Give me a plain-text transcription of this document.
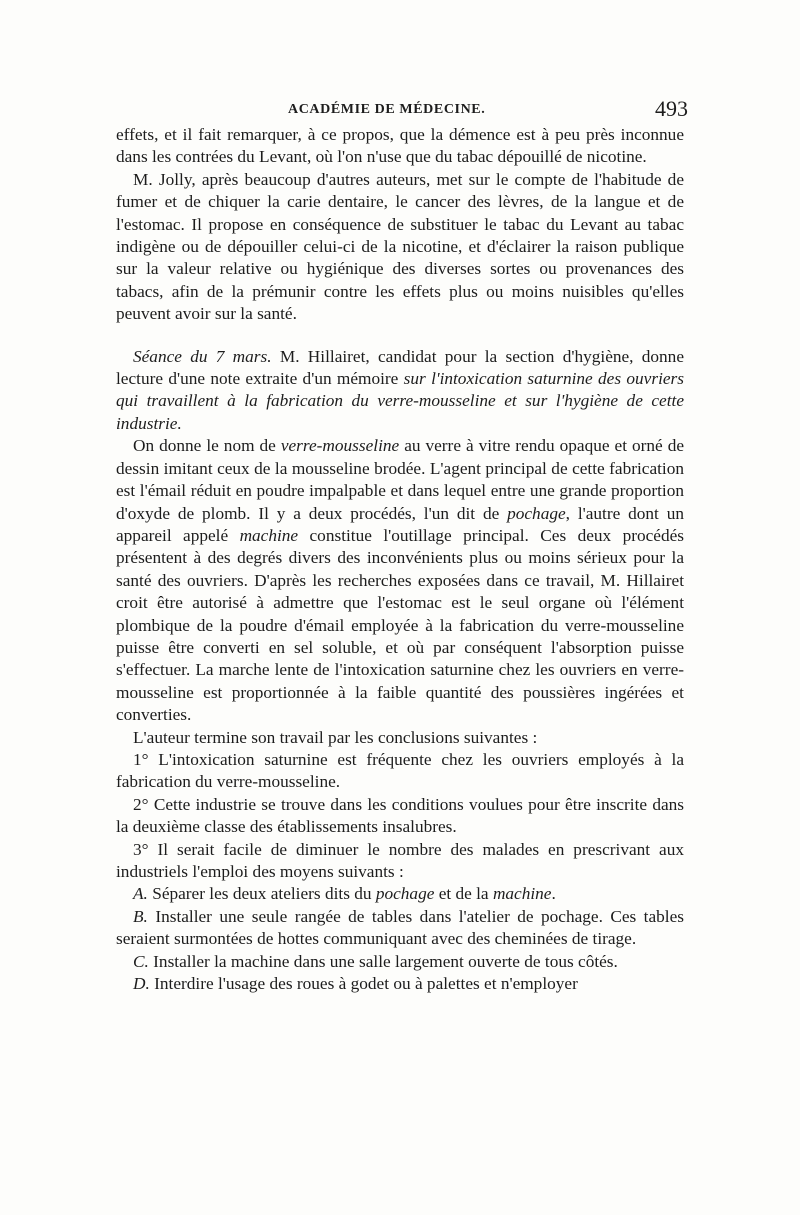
ACADÉMIE DE MÉDECINE.	493

effets, et il fait remarquer, à ce propos, que la démence est à peu près inconnue dans les contrées du Levant, où l'on n'use que du tabac dépouillé de nicotine.

M. Jolly, après beaucoup d'autres auteurs, met sur le compte de l'habitude de fumer et de chiquer la carie dentaire, le cancer des lèvres, de la langue et de l'estomac. Il propose en conséquence de substituer le tabac du Levant au tabac indigène ou de dépouiller celui-ci de la nicotine, et d'éclairer la raison publique sur la valeur relative ou hygiénique des diverses sortes ou provenances des tabacs, afin de la prémunir contre les effets plus ou moins nuisibles qu'elles peuvent avoir sur la santé.

Séance du 7 mars. M. Hillairet, candidat pour la section d'hygiène, donne lecture d'une note extraite d'un mémoire sur l'intoxication saturnine des ouvriers qui travaillent à la fabrication du verre-mousseline et sur l'hygiène de cette industrie.

On donne le nom de verre-mousseline au verre à vitre rendu opaque et orné de dessin imitant ceux de la mousseline brodée. L'agent principal de cette fabrication est l'émail réduit en poudre impalpable et dans lequel entre une grande proportion d'oxyde de plomb. Il y a deux procédés, l'un dit de pochage, l'autre dont un appareil appelé machine constitue l'outillage principal. Ces deux procédés présentent à des degrés divers des inconvénients plus ou moins sérieux pour la santé des ouvriers. D'après les recherches exposées dans ce travail, M. Hillairet croit être autorisé à admettre que l'estomac est le seul organe où l'élément plombique de la poudre d'émail employée à la fabrication du verre-mousseline puisse être converti en sel soluble, et où par conséquent l'absorption puisse s'effectuer. La marche lente de l'intoxication saturnine chez les ouvriers en verre-mousseline est proportionnée à la faible quantité des poussières ingérées et converties.

L'auteur termine son travail par les conclusions suivantes :

1° L'intoxication saturnine est fréquente chez les ouvriers employés à la fabrication du verre-mousseline.

2° Cette industrie se trouve dans les conditions voulues pour être inscrite dans la deuxième classe des établissements insalubres.

3° Il serait facile de diminuer le nombre des malades en prescrivant aux industriels l'emploi des moyens suivants :

A. Séparer les deux ateliers dits du pochage et de la machine.

B. Installer une seule rangée de tables dans l'atelier de pochage. Ces tables seraient surmontées de hottes communiquant avec des cheminées de tirage.

C. Installer la machine dans une salle largement ouverte de tous côtés.

D. Interdire l'usage des roues à godet ou à palettes et n'employer
